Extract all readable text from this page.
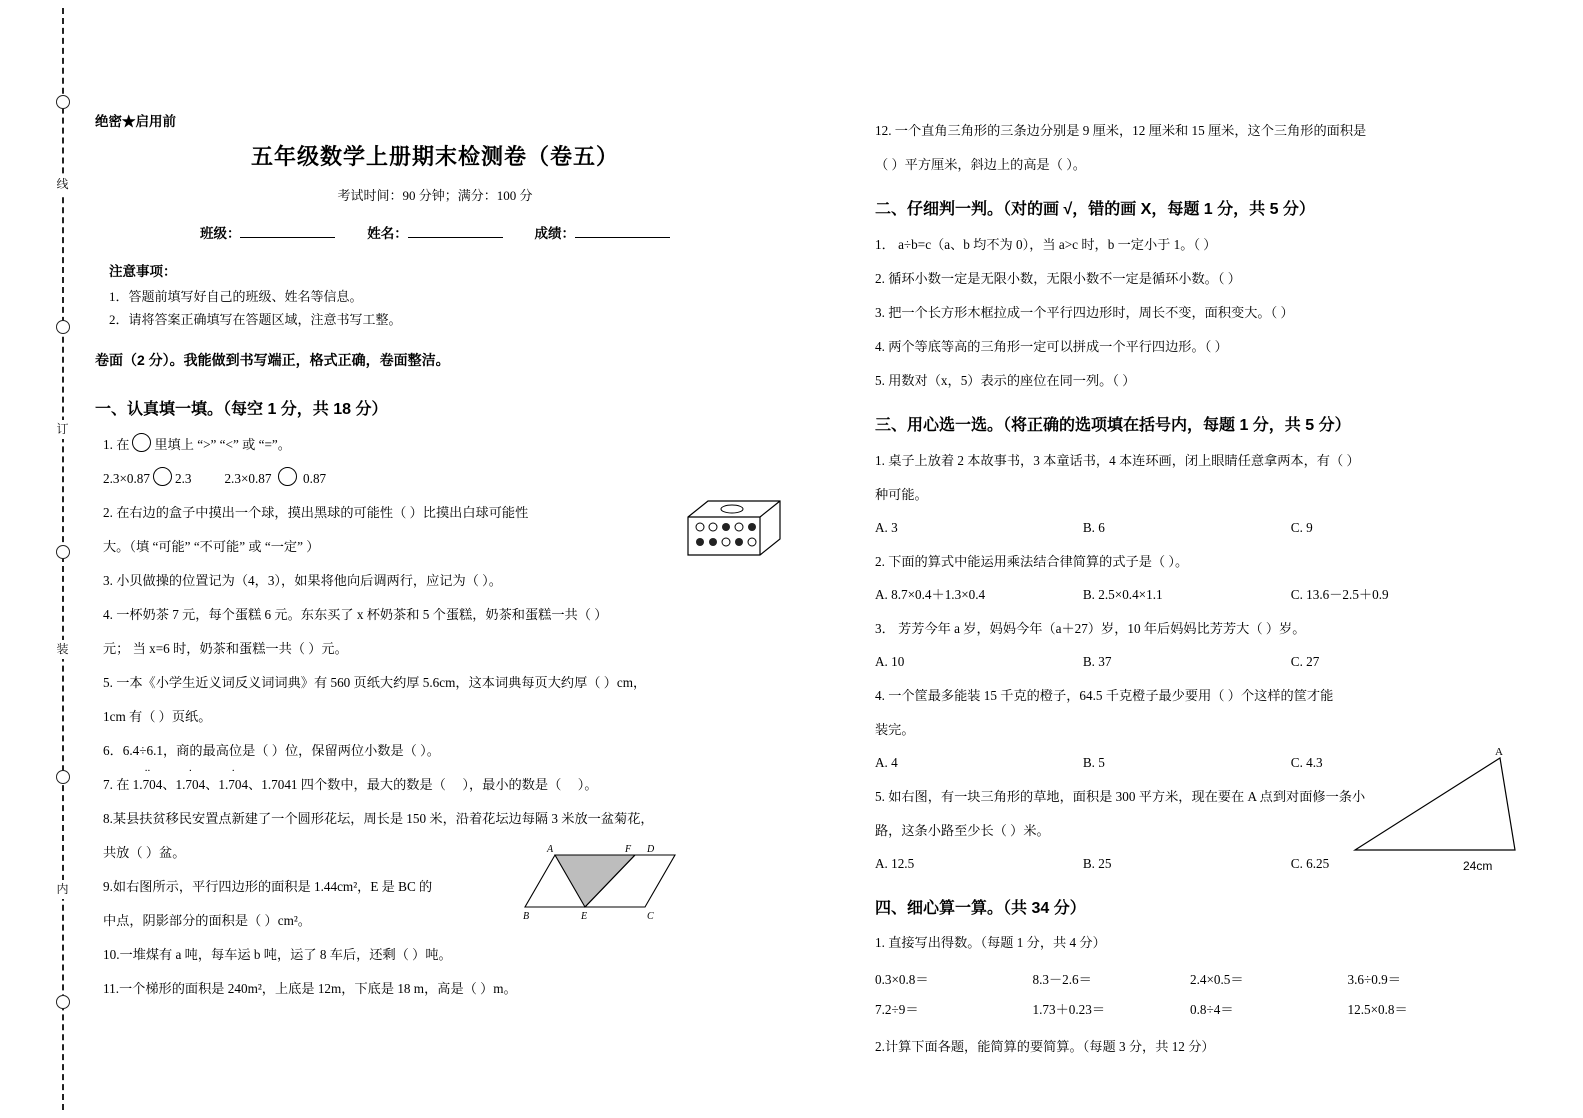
线
订
装
内
绝密★启用前
五年级数学上册期末检测卷（卷五）
考试时间：90 分钟；满分：100 分
班级：	姓名：	成绩：
注意事项：
1．答题前填写好自己的班级、姓名等信息。
2．请将答案正确填写在答题区域，注意书写工整。
卷面（2 分）。我能做到书写端正，格式正确，卷面整洁。
一、认真填一填。（每空 1 分，共 18 分）
1. 在 里填上 “>” “<” 或 “=”。
2.3×0.87 2.3          2.3×0.87  0.87
2. 在右边的盒子中摸出一个球，摸出黑球的可能性（ ）比摸出白球可能性
大。（填 “可能” “不可能” 或 “一定” ）
3. 小贝做操的位置记为（4，3），如果将他向后调两行，应记为（ ）。
4. 一杯奶茶 7 元，每个蛋糕 6 元。东东买了 x 杯奶茶和 5 个蛋糕，奶茶和蛋糕一共（ ）
元； 当 x=6 时，奶茶和蛋糕一共（ ）元。
5. 一本《小学生近义词反义词词典》有 560 页纸大约厚 5.6cm，这本词典每页大约厚（ ）cm，
1cm 有（ ）页纸。
6．6.4÷6.1，商的最高位是（ ）位，保留两位小数是（ ）。
7. 在
..
1.704、
.
1.704、
.
1.704、1.7041 四个数中，最大的数是（     ），最小的数是（     ）。
8.某县扶贫移民安置点新建了一个圆形花坛，周长是 150 米，沿着花坛边每隔 3 米放一盆菊花，
共放（ ）盆。
9.如右图所示，平行四边形的面积是 1.44cm²，E 是 BC 的
中点，阴影部分的面积是（ ）cm²。
10.一堆煤有 a 吨，每车运 b 吨，运了 8 车后，还剩（ ）吨。
11.一个梯形的面积是 240m²，上底是 12m，下底是 18 m，高是（ ）m。
A	F D
B	E	C
12. 一个直角三角形的三条边分别是 9 厘米，12 厘米和 15 厘米，这个三角形的面积是
（ ）平方厘米，斜边上的高是（ ）。
二、仔细判一判。（对的画 √，错的画 X，每题 1 分，共 5 分）
1． a÷b=c（a、b 均不为 0），当 a>c 时，b 一定小于 1。（ ）
2. 循环小数一定是无限小数，无限小数不一定是循环小数。（ ）
3. 把一个长方形木框拉成一个平行四边形时，周长不变，面积变大。（ ）
4. 两个等底等高的三角形一定可以拼成一个平行四边形。（ ）
5. 用数对（x，5）表示的座位在同一列。（ ）
三、用心选一选。（将正确的选项填在括号内，每题 1 分，共 5 分）
1. 桌子上放着 2 本故事书，3 本童话书，4 本连环画，闭上眼睛任意拿两本，有（ ）
种可能。
A. 3	B. 6	C. 9
2. 下面的算式中能运用乘法结合律简算的式子是（ ）。
A. 8.7×0.4＋1.3×0.4	B. 2.5×0.4×1.1	C. 13.6－2.5＋0.9
3． 芳芳今年 a 岁，妈妈今年（a＋27）岁，10 年后妈妈比芳芳大（ ）岁。
A. 10	B. 37	C. 27
4. 一个筐最多能装 15 千克的橙子，64.5 千克橙子最少要用（ ）个这样的筐才能
装完。
A. 4	B. 5	C. 4.3
5. 如右图，有一块三角形的草地，面积是 300 平方米，现在要在 A 点到对面修一条小
路，这条小路至少长（ ）米。
A. 12.5	B. 25	C. 6.25
四、细心算一算。（共 34 分）
1. 直接写出得数。（每题 1 分，共 4 分）
0.3×0.8＝	8.3－2.6＝	2.4×0.5＝	3.6÷0.9＝
7.2÷9＝	1.73＋0.23＝	0.8÷4＝	12.5×0.8＝
2.计算下面各题，能简算的要简算。（每题 3 分，共 12 分）
A
24cm
